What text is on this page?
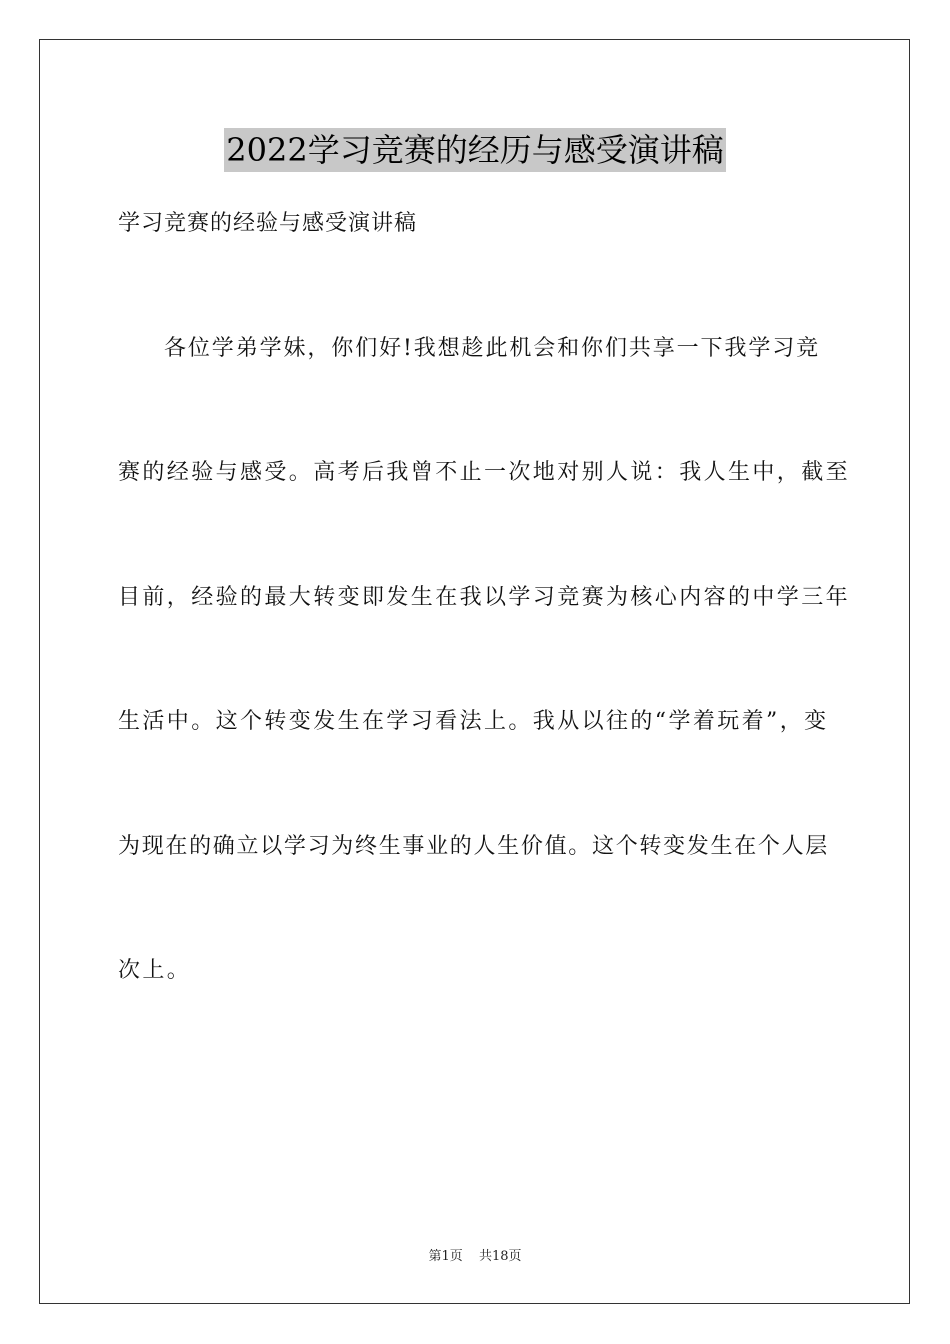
2022学习竞赛的经历与感受演讲稿
学习竞赛的经验与感受演讲稿
各位学弟学妹，你们好!我想趁此机会和你们共享一下我学习竞
赛的经验与感受。高考后我曾不止一次地对别人说：我人生中，截至
目前，经验的最大转变即发生在我以学习竞赛为核心内容的中学三年
生活中。这个转变发生在学习看法上。我从以往的“学着玩着”，变
为现在的确立以学习为终生事业的人生价值。这个转变发生在个人层
次上。
第1页 共18页
